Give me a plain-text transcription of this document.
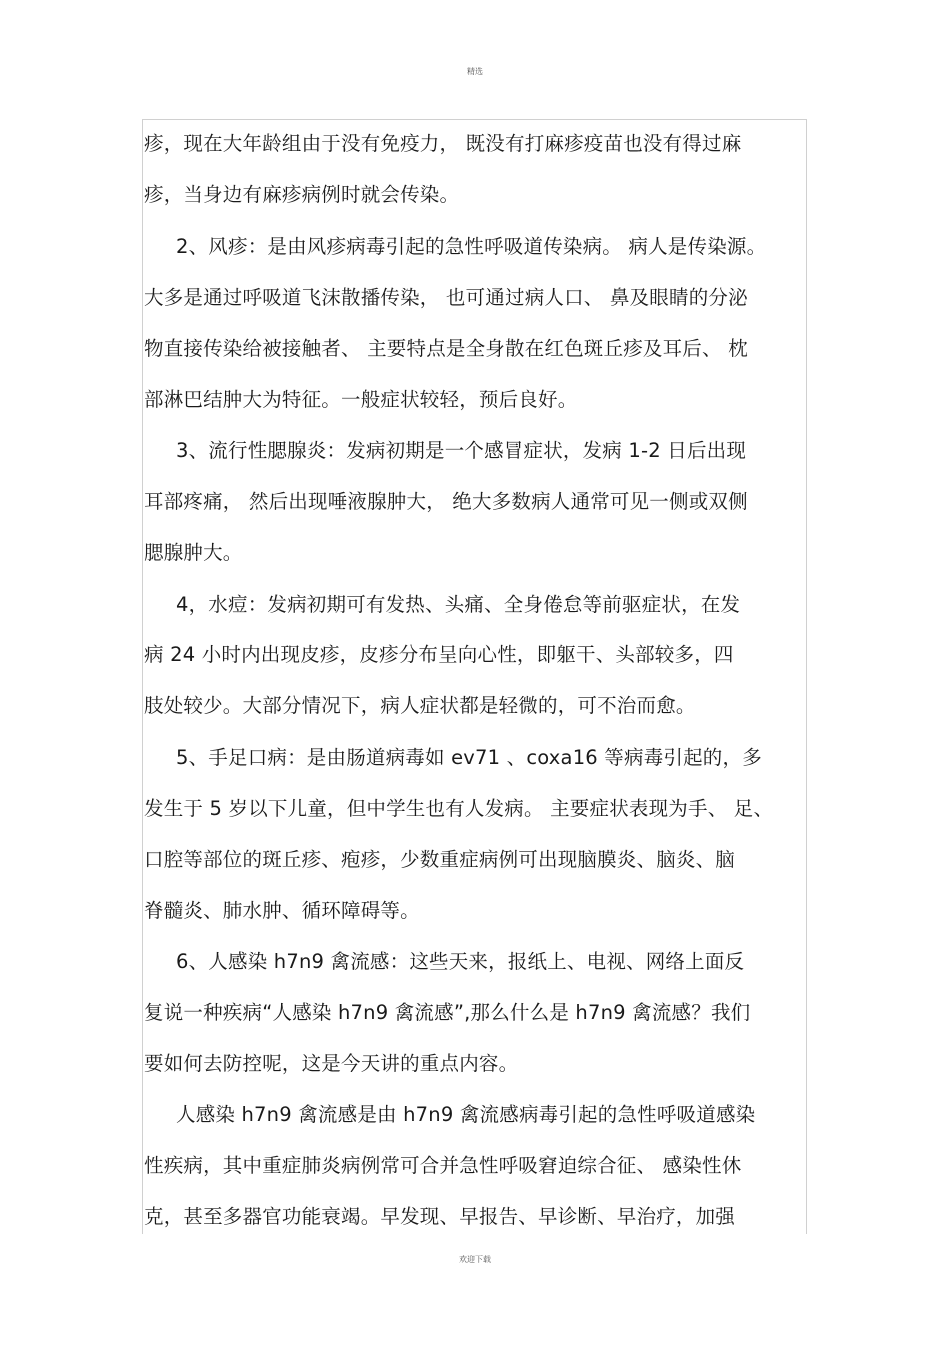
精选
疹，现在大年龄组由于没有免疫力， 既没有打麻疹疫苗也没有得过麻
疹，当身边有麻疹病例时就会传染。
2、风疹：是由风疹病毒引起的急性呼吸道传染病。 病人是传染源。
大多是通过呼吸道飞沫散播传染， 也可通过病人口、 鼻及眼睛的分泌
物直接传染给被接触者、 主要特点是全身散在红色斑丘疹及耳后、 枕
部淋巴结肿大为特征。一般症状较轻，预后良好。
3、流行性腮腺炎：发病初期是一个感冒症状，发病 1-2 日后出现
耳部疼痛， 然后出现唾液腺肿大， 绝大多数病人通常可见一侧或双侧
腮腺肿大。
4，水痘：发病初期可有发热、头痛、全身倦怠等前驱症状，在发
病 24 小时内出现皮疹，皮疹分布呈向心性，即躯干、头部较多，四
肢处较少。大部分情况下，病人症状都是轻微的，可不治而愈。
5、手足口病：是由肠道病毒如 ev71 、coxa16 等病毒引起的，多
发生于 5 岁以下儿童，但中学生也有人发病。 主要症状表现为手、 足、
口腔等部位的斑丘疹、疱疹，少数重症病例可出现脑膜炎、脑炎、脑
脊髓炎、肺水肿、循环障碍等。
6、人感染 h7n9 禽流感：这些天来，报纸上、电视、网络上面反
复说一种疾病“人感染 h7n9 禽流感”,那么什么是 h7n9 禽流感？我们
要如何去防控呢，这是今天讲的重点内容。
人感染 h7n9 禽流感是由 h7n9 禽流感病毒引起的急性呼吸道感染
性疾病，其中重症肺炎病例常可合并急性呼吸窘迫综合征、 感染性休
克，甚至多器官功能衰竭。早发现、早报告、早诊断、早治疗，加强
欢迎下载
